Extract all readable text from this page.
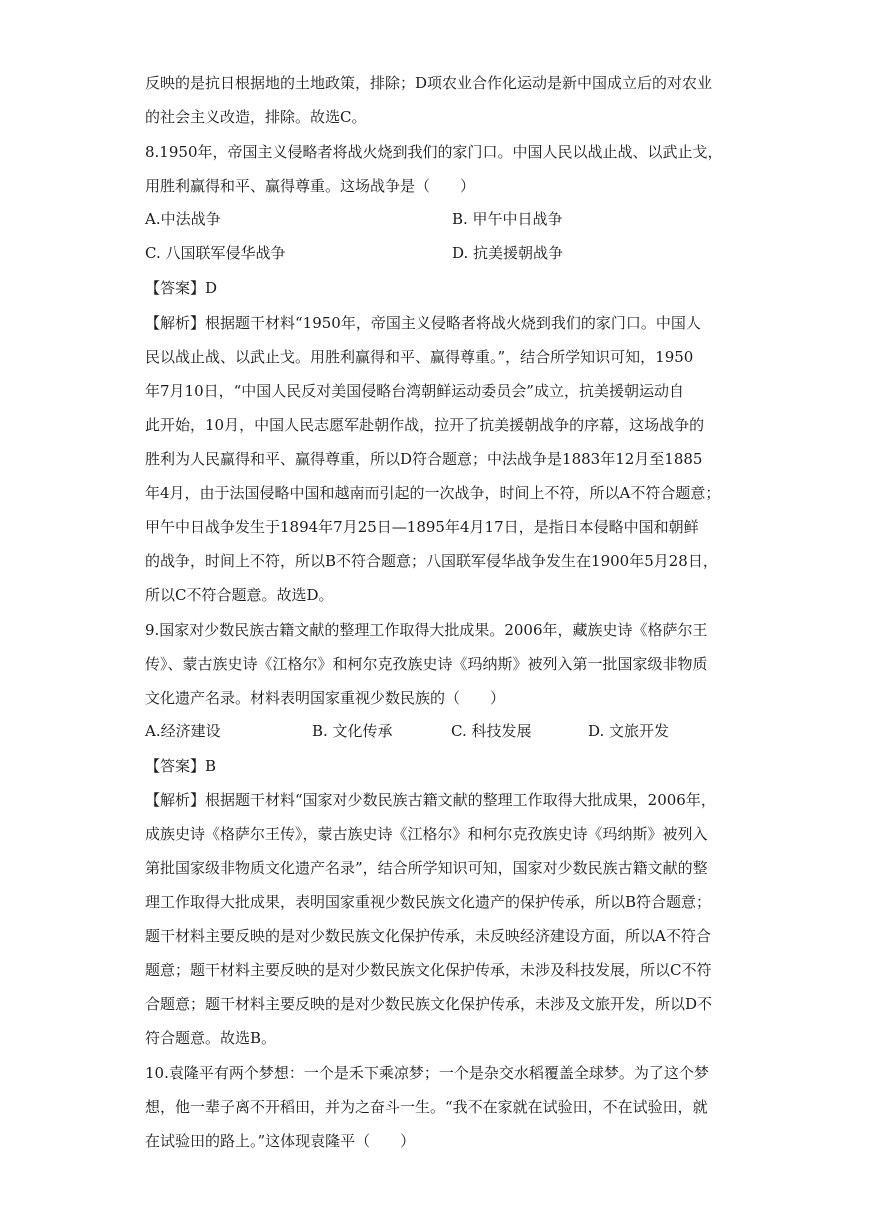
反映的是抗日根据地的土地政策，排除；D项农业合作化运动是新中国成立后的对农业
的社会主义改造，排除。故选C。
8.1950年，帝国主义侵略者将战火烧到我们的家门口。中国人民以战止战、以武止戈，
用胜利赢得和平、赢得尊重。这场战争是（　　）
A.中法战争	B. 甲午中日战争
C. 八国联军侵华战争	D. 抗美援朝战争
【答案】D
【解析】根据题干材料“1950年，帝国主义侵略者将战火烧到我们的家门口。中国人
民以战止战、以武止戈。用胜利赢得和平、赢得尊重。”，结合所学知识可知，1950
年7月10日，“中国人民反对美国侵略台湾朝鲜运动委员会”成立，抗美援朝运动自
此开始，10月，中国人民志愿军赴朝作战，拉开了抗美援朝战争的序幕，这场战争的
胜利为人民赢得和平、赢得尊重，所以D符合题意；中法战争是1883年12月至1885
年4月，由于法国侵略中国和越南而引起的一次战争，时间上不符，所以A不符合题意；
甲午中日战争发生于1894年7月25日—1895年4月17日，是指日本侵略中国和朝鲜
的战争，时间上不符，所以B不符合题意；八国联军侵华战争发生在1900年5月28日，
所以C不符合题意。故选D。
9.国家对少数民族古籍文献的整理工作取得大批成果。2006年，藏族史诗《格萨尔王
传》、蒙古族史诗《江格尔》和柯尔克孜族史诗《玛纳斯》被列入第一批国家级非物质
文化遗产名录。材料表明国家重视少数民族的（　　）
A.经济建设	B. 文化传承	C. 科技发展	D. 文旅开发
【答案】B
【解析】根据题干材料“国家对少数民族古籍文献的整理工作取得大批成果，2006年，
成族史诗《格萨尔王传》，蒙古族史诗《江格尔》和柯尔克孜族史诗《玛纳斯》被列入
第批国家级非物质文化遗产名录”，结合所学知识可知，国家对少数民族古籍文献的整
理工作取得大批成果，表明国家重视少数民族文化遗产的保护传承，所以B符合题意；
题干材料主要反映的是对少数民族文化保护传承，未反映经济建设方面，所以A不符合
题意；题干材料主要反映的是对少数民族文化保护传承，未涉及科技发展，所以C不符
合题意；题干材料主要反映的是对少数民族文化保护传承，未涉及文旅开发，所以D不
符合题意。故选B。
10.袁隆平有两个梦想：一个是禾下乘凉梦；一个是杂交水稻覆盖全球梦。为了这个梦
想，他一辈子离不开稻田，并为之奋斗一生。“我不在家就在试验田，不在试验田，就
在试验田的路上。”这体现袁隆平（　　）
